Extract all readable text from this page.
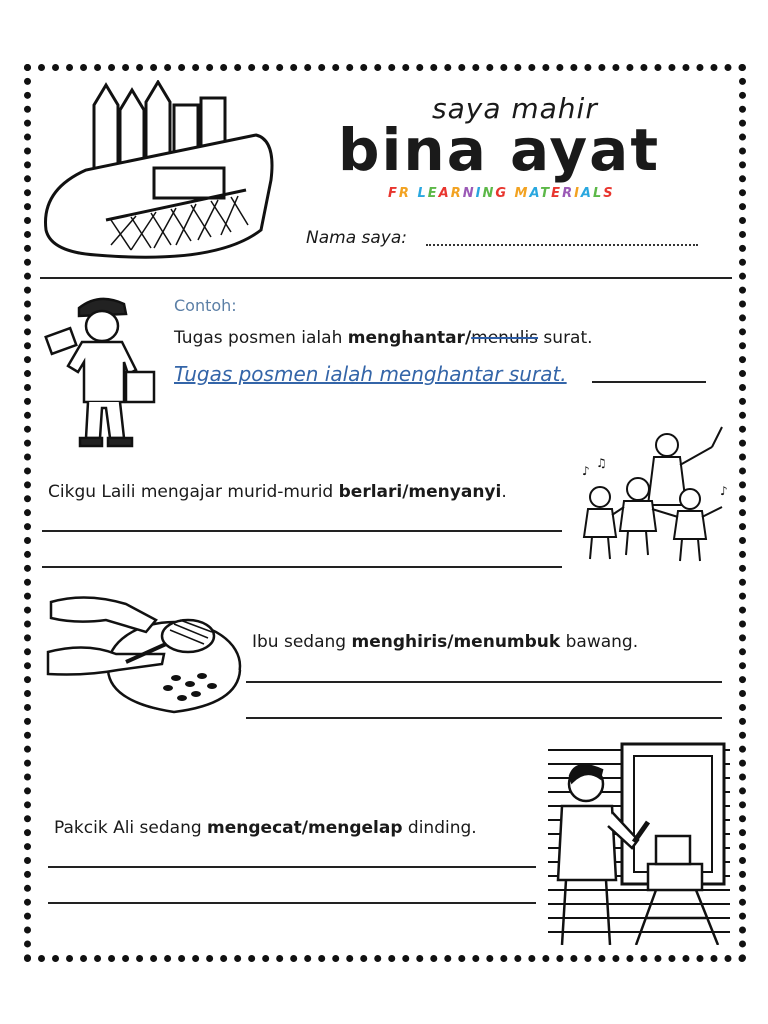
saya mahir
bina ayat
FR LEARNING MATERIALS
Nama saya:
Contoh:
Tugas posmen ialah menghantar/menulis surat.
Tugas posmen ialah menghantar surat.
Cikgu Laili mengajar murid-murid berlari/menyanyi.
♪
♫
♪
Ibu sedang menghiris/menumbuk bawang.
Pakcik Ali sedang mengecat/mengelap dinding.
